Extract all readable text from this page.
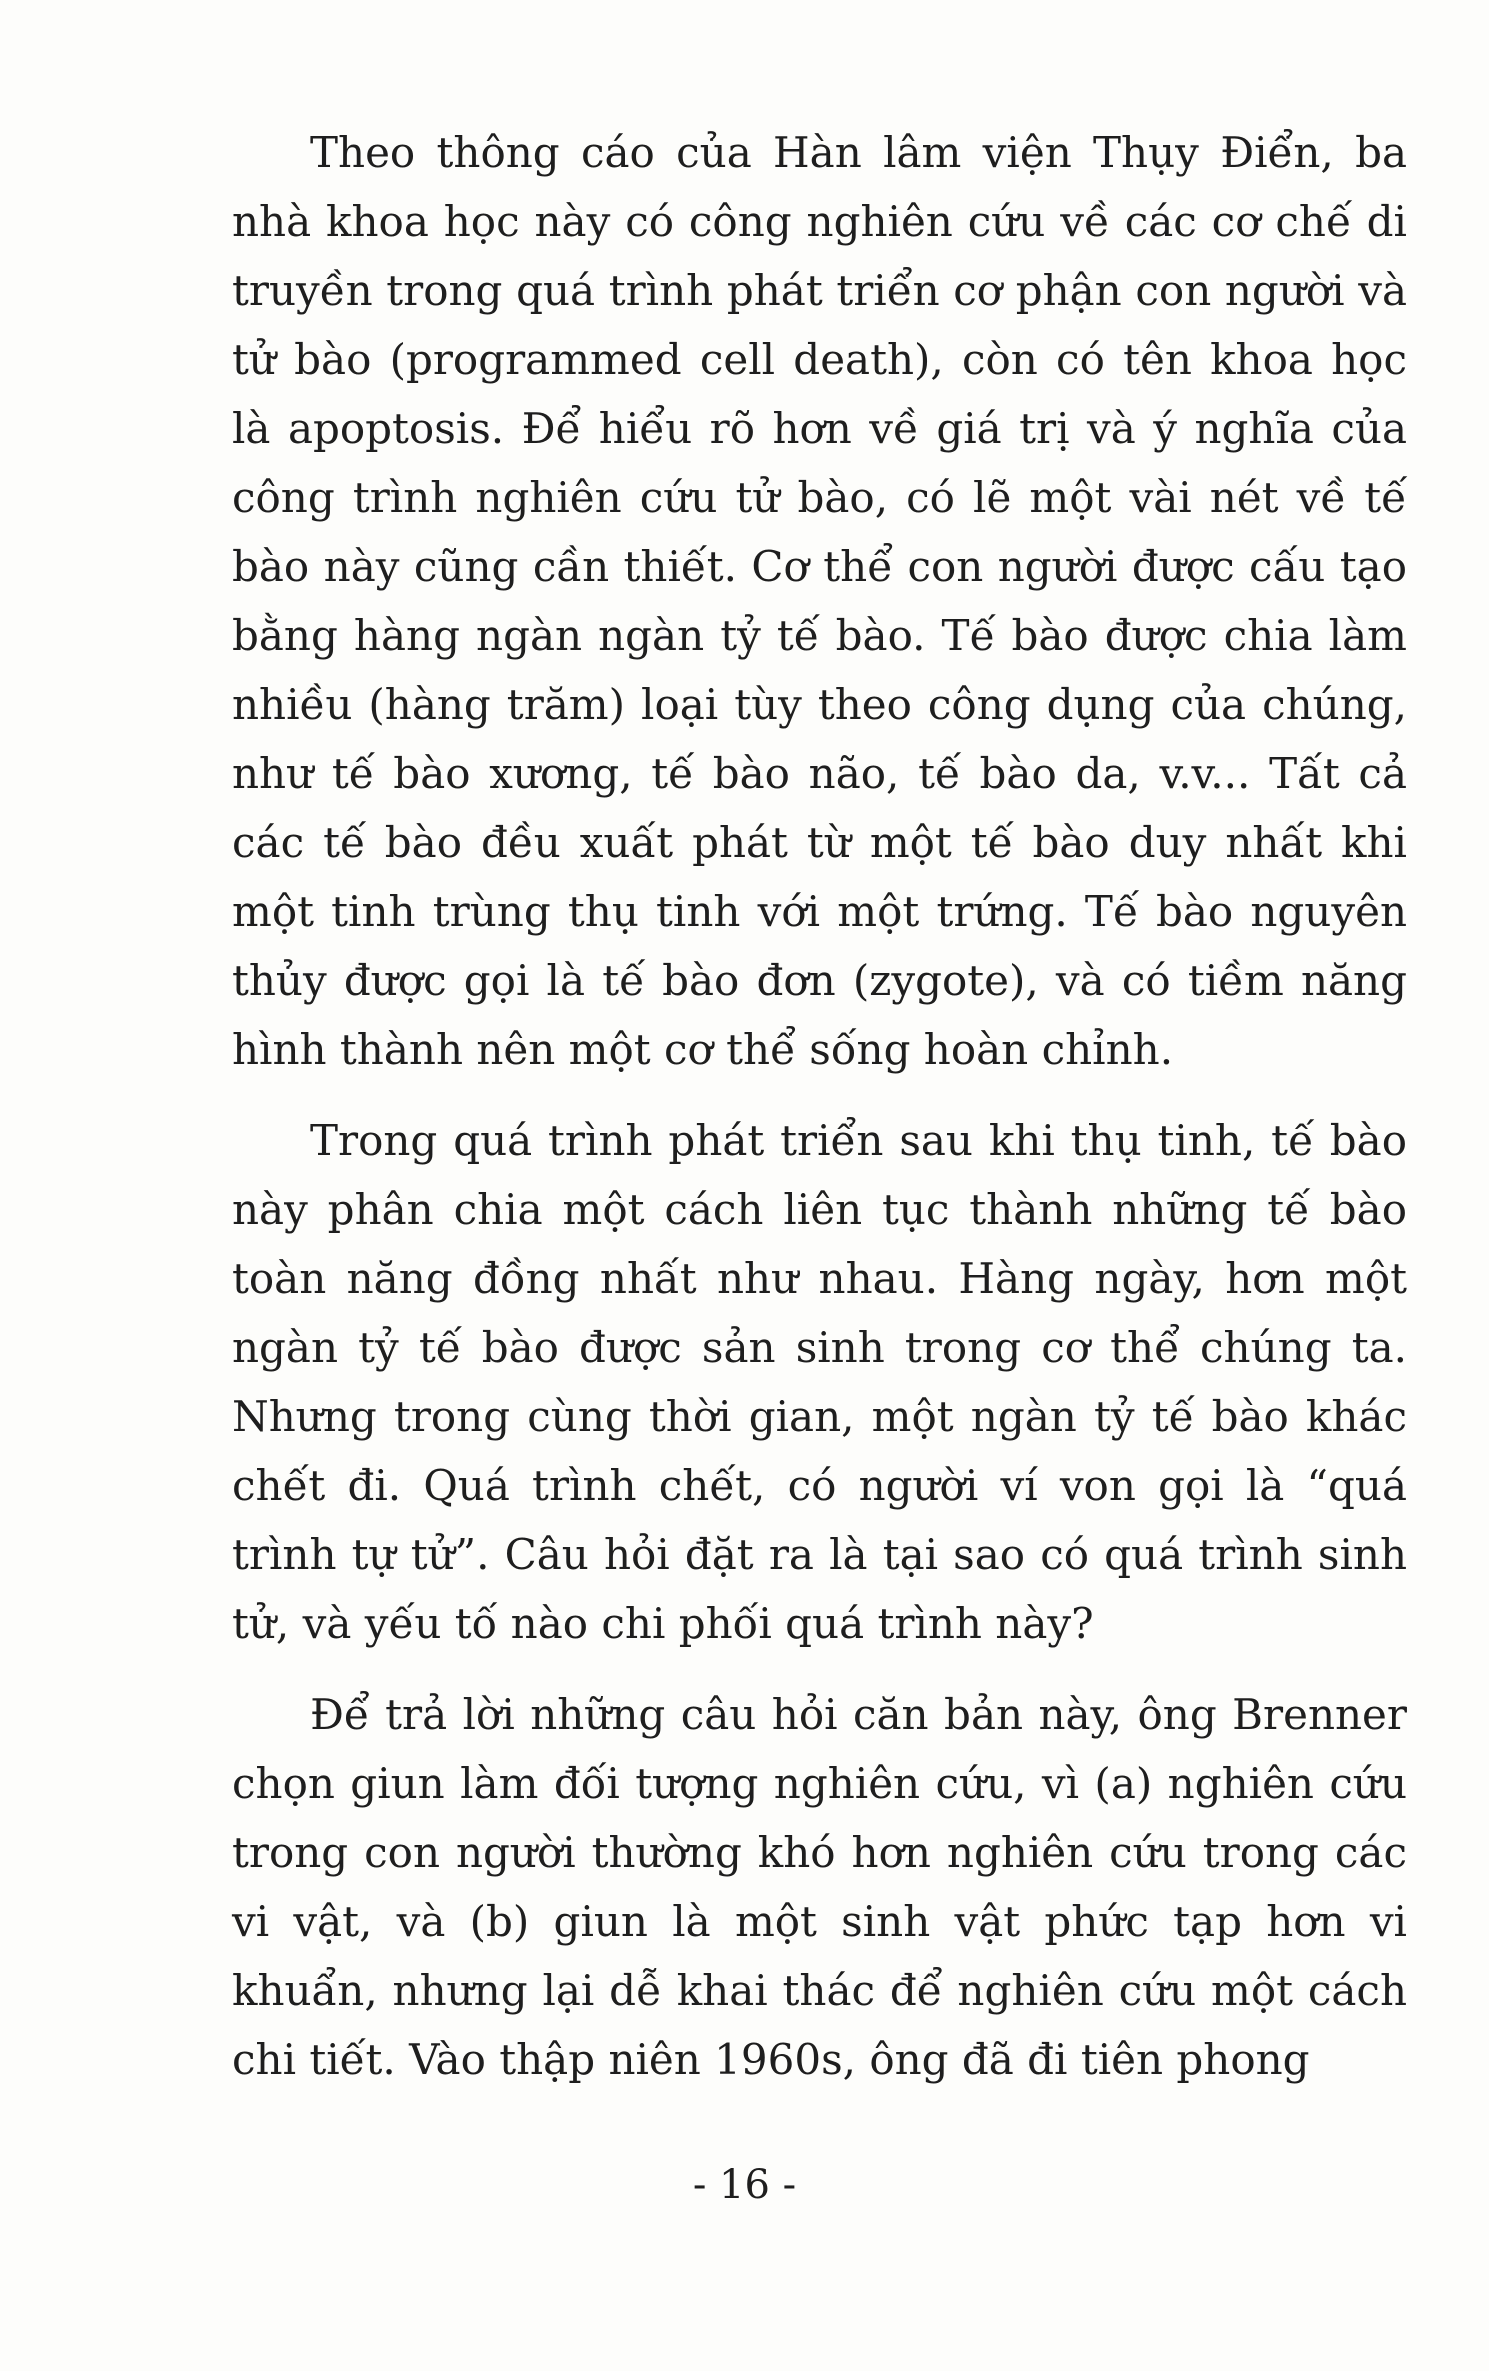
Theo thông cáo của Hàn lâm viện Thụy Điển, ba nhà khoa học này có công nghiên cứu về các cơ chế di truyền trong quá trình phát triển cơ phận con người và tử bào (programmed cell death), còn có tên khoa học là apoptosis. Để hiểu rõ hơn về giá trị và ý nghĩa của công trình nghiên cứu tử bào, có lẽ một vài nét về tế bào này cũng cần thiết. Cơ thể con người được cấu tạo bằng hàng ngàn ngàn tỷ tế bào. Tế bào được chia làm nhiều (hàng trăm) loại tùy theo công dụng của chúng, như tế bào xương, tế bào não, tế bào da, v.v... Tất cả các tế bào đều xuất phát từ một tế bào duy nhất khi một tinh trùng thụ tinh với một trứng. Tế bào nguyên thủy được gọi là tế bào đơn (zygote), và có tiềm năng hình thành nên một cơ thể sống hoàn chỉnh.

Trong quá trình phát triển sau khi thụ tinh, tế bào này phân chia một cách liên tục thành những tế bào toàn năng đồng nhất như nhau. Hàng ngày, hơn một ngàn tỷ tế bào được sản sinh trong cơ thể chúng ta. Nhưng trong cùng thời gian, một ngàn tỷ tế bào khác chết đi. Quá trình chết, có người ví von gọi là “quá trình tự tử”. Câu hỏi đặt ra là tại sao có quá trình sinh tử, và yếu tố nào chi phối quá trình này?

Để trả lời những câu hỏi căn bản này, ông Brenner chọn giun làm đối tượng nghiên cứu, vì (a) nghiên cứu trong con người thường khó hơn nghiên cứu trong các vi vật, và (b) giun là một sinh vật phức tạp hơn vi khuẩn, nhưng lại dễ khai thác để nghiên cứu một cách chi tiết. Vào thập niên 1960s, ông đã đi tiên phong

- 16 -
